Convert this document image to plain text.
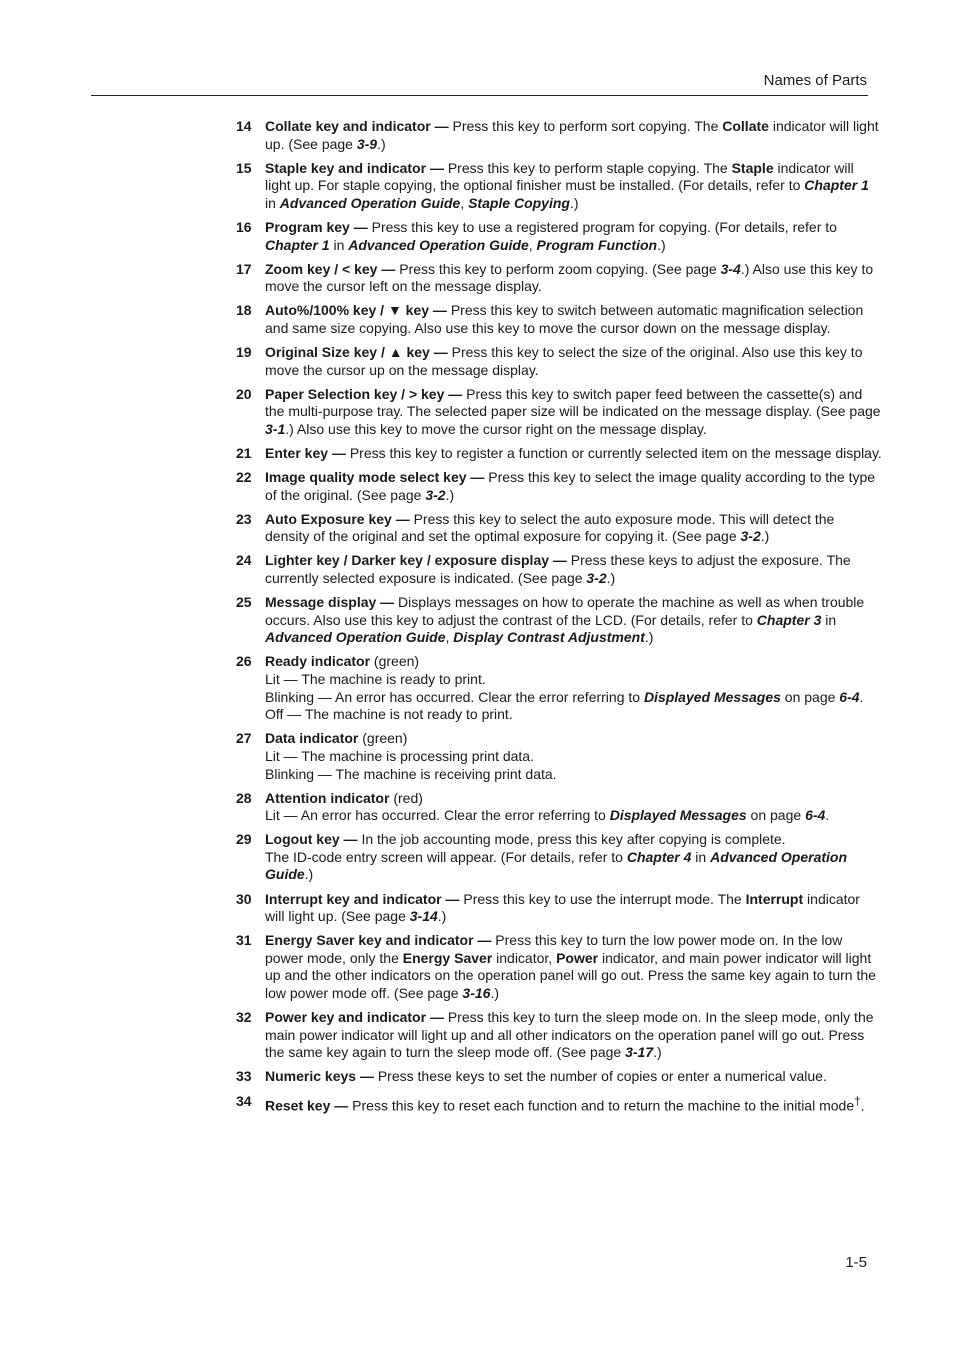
Names of Parts
14 Collate key and indicator — Press this key to perform sort copying. The Collate indicator will light up. (See page 3-9.)
15 Staple key and indicator — Press this key to perform staple copying. The Staple indicator will light up. For staple copying, the optional finisher must be installed. (For details, refer to Chapter 1 in Advanced Operation Guide, Staple Copying.)
16 Program key — Press this key to use a registered program for copying. (For details, refer to Chapter 1 in Advanced Operation Guide, Program Function.)
17 Zoom key / < key — Press this key to perform zoom copying. (See page 3-4.) Also use this key to move the cursor left on the message display.
18 Auto%/100% key / ▼ key — Press this key to switch between automatic magnification selection and same size copying. Also use this key to move the cursor down on the message display.
19 Original Size key / ▲ key — Press this key to select the size of the original. Also use this key to move the cursor up on the message display.
20 Paper Selection key / > key — Press this key to switch paper feed between the cassette(s) and the multi-purpose tray. The selected paper size will be indicated on the message display. (See page 3-1.) Also use this key to move the cursor right on the message display.
21 Enter key — Press this key to register a function or currently selected item on the message display.
22 Image quality mode select key — Press this key to select the image quality according to the type of the original. (See page 3-2.)
23 Auto Exposure key — Press this key to select the auto exposure mode. This will detect the density of the original and set the optimal exposure for copying it. (See page 3-2.)
24 Lighter key / Darker key / exposure display — Press these keys to adjust the exposure. The currently selected exposure is indicated. (See page 3-2.)
25 Message display — Displays messages on how to operate the machine as well as when trouble occurs. Also use this key to adjust the contrast of the LCD. (For details, refer to Chapter 3 in Advanced Operation Guide, Display Contrast Adjustment.)
26 Ready indicator (green)
Lit — The machine is ready to print.
Blinking — An error has occurred. Clear the error referring to Displayed Messages on page 6-4.
Off — The machine is not ready to print.
27 Data indicator (green)
Lit — The machine is processing print data.
Blinking — The machine is receiving print data.
28 Attention indicator (red)
Lit — An error has occurred. Clear the error referring to Displayed Messages on page 6-4.
29 Logout key — In the job accounting mode, press this key after copying is complete.
The ID-code entry screen will appear. (For details, refer to Chapter 4 in Advanced Operation Guide.)
30 Interrupt key and indicator — Press this key to use the interrupt mode. The Interrupt indicator will light up. (See page 3-14.)
31 Energy Saver key and indicator — Press this key to turn the low power mode on. In the low power mode, only the Energy Saver indicator, Power indicator, and main power indicator will light up and the other indicators on the operation panel will go out. Press the same key again to turn the low power mode off. (See page 3-16.)
32 Power key and indicator — Press this key to turn the sleep mode on. In the sleep mode, only the main power indicator will light up and all other indicators on the operation panel will go out. Press the same key again to turn the sleep mode off. (See page 3-17.)
33 Numeric keys — Press these keys to set the number of copies or enter a numerical value.
34 Reset key — Press this key to reset each function and to return the machine to the initial mode†.
1-5
